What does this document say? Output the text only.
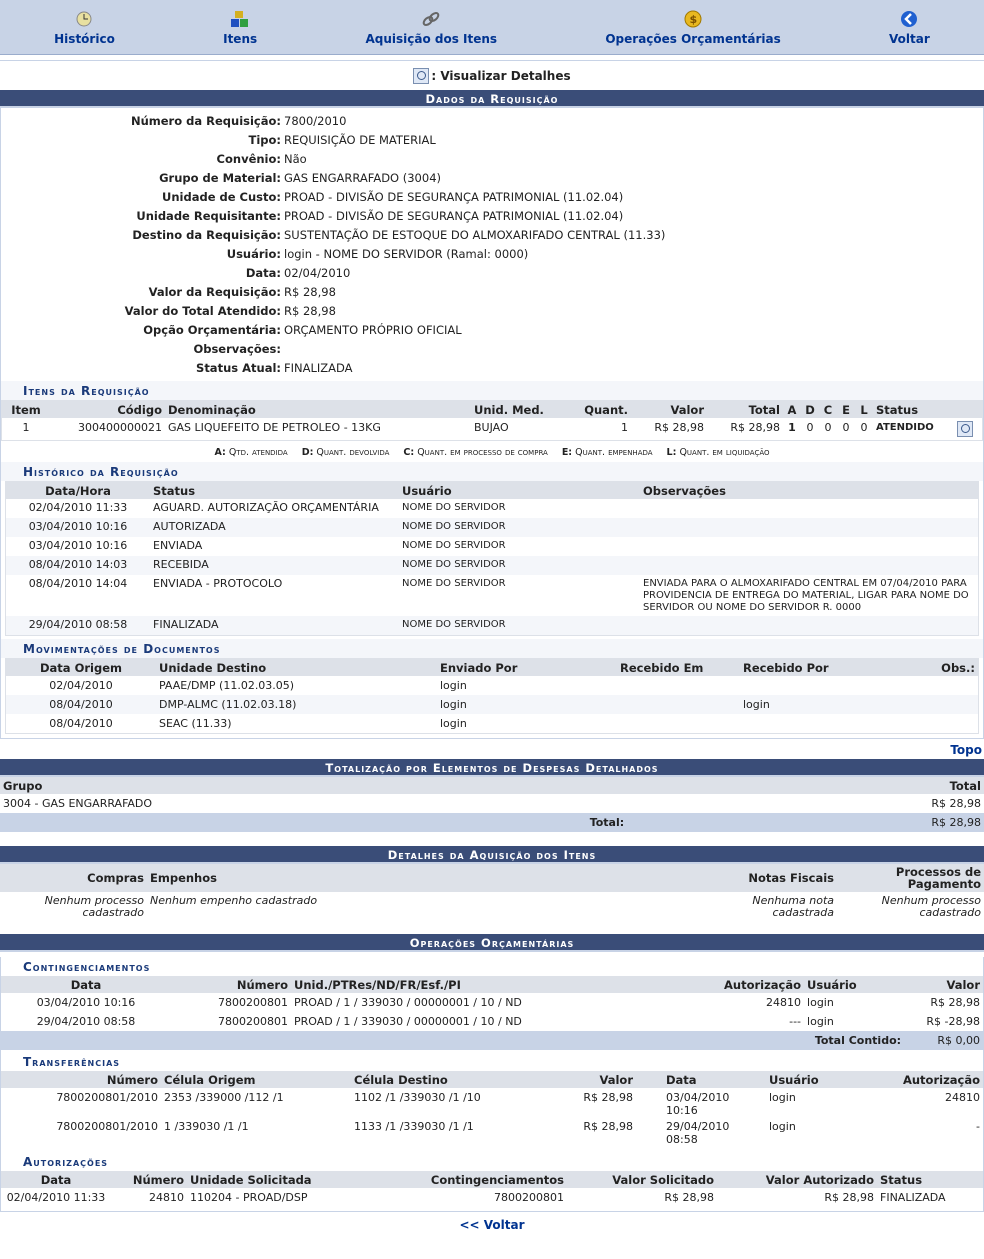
Histórico	Itens	Aquisição dos Itens
$
Operações Orçamentárias	Voltar
: Visualizar Detalhes
Dados da Requisição
Número da Requisição: 7800/2010
Tipo: REQUISIÇÃO DE MATERIAL
Convênio: Não
Grupo de Material: GAS ENGARRAFADO (3004)
Unidade de Custo: PROAD - DIVISÃO DE SEGURANÇA PATRIMONIAL (11.02.04)
Unidade Requisitante: PROAD - DIVISÃO DE SEGURANÇA PATRIMONIAL (11.02.04)
Destino da Requisição: SUSTENTAÇÃO DE ESTOQUE DO ALMOXARIFADO CENTRAL (11.33)
Usuário: login - NOME DO SERVIDOR (Ramal: 0000)
Data: 02/04/2010
Valor da Requisição: R$ 28,98
Valor do Total Atendido: R$ 28,98
Opção Orçamentária: ORÇAMENTO PRÓPRIO OFICIAL
Observações:
Status Atual: FINALIZADA
Itens da Requisição
Item	Código	Denominação	Unid. Med.	Quant.	Valor	Total	A	D	C	E	L	Status	
1	300400000021	GAS LIQUEFEITO DE PETROLEO - 13KG	BUJAO	1	R$ 28,98	R$ 28,98	1	0	0	0	0	ATENDIDO	
A: Qtd. atendida D: Quant. devolvida C: Quant. em processo de compra E: Quant. empenhada L: Quant. em liquidação
Histórico da Requisição
Data/Hora	Status	Usuário	Observações
02/04/2010 11:33	AGUARD. AUTORIZAÇÃO ORÇAMENTÁRIA	NOME DO SERVIDOR	
03/04/2010 10:16	AUTORIZADA	NOME DO SERVIDOR	
03/04/2010 10:16	ENVIADA	NOME DO SERVIDOR	
08/04/2010 14:03	RECEBIDA	NOME DO SERVIDOR	
08/04/2010 14:04	ENVIADA - PROTOCOLO	NOME DO SERVIDOR	ENVIADA PARA O ALMOXARIFADO CENTRAL EM 07/04/2010 PARA PROVIDENCIA DE ENTREGA DO MATERIAL, LIGAR PARA NOME DO SERVIDOR OU NOME DO SERVIDOR R. 0000
29/04/2010 08:58	FINALIZADA	NOME DO SERVIDOR	
Movimentações de Documentos
Data Origem	Unidade Destino	Enviado Por	Recebido Em	Recebido Por	Obs.:
02/04/2010	PAAE/DMP (11.02.03.05)	login			
08/04/2010	DMP-ALMC (11.02.03.18)	login		login	
08/04/2010	SEAC (11.33)	login			
Topo
Totalização por Elementos de Despesas Detalhados
Grupo	Total
3004 - GAS ENGARRAFADO	R$ 28,98
Total:	R$ 28,98
Detalhes da Aquisição dos Itens
Compras	Empenhos	Notas Fiscais	Processos de Pagamento
Nenhum processo cadastrado	Nenhum empenho cadastrado	Nenhuma nota cadastrada	Nenhum processo cadastrado
Operações Orçamentárias
Contingenciamentos
Data	Número	Unid./PTRes/ND/FR/Esf./PI	Autorização	Usuário	Valor
03/04/2010 10:16	7800200801	PROAD / 1 / 339030 / 00000001 / 10 / ND	24810	login	R$ 28,98
29/04/2010 08:58	7800200801	PROAD / 1 / 339030 / 00000001 / 10 / ND	---	login	R$ -28,98
Total Contido:					R$ 0,00
Transferências
Número	Célula Origem	Célula Destino	Valor	Data	Usuário	Autorização
7800200801/2010	2353 /339000 /112 /1	1102 /1 /339030 /1 /10	R$ 28,98	03/04/2010 10:16	login	24810
7800200801/2010	1 /339030 /1 /1	1133 /1 /339030 /1 /1	R$ 28,98	29/04/2010 08:58	login	-
Autorizações
Data	Número	Unidade Solicitada	Contingenciamentos	Valor Solicitado	Valor Autorizado	Status
02/04/2010 11:33	24810	110204 - PROAD/DSP	7800200801	R$ 28,98	R$ 28,98	FINALIZADA
<< Voltar
